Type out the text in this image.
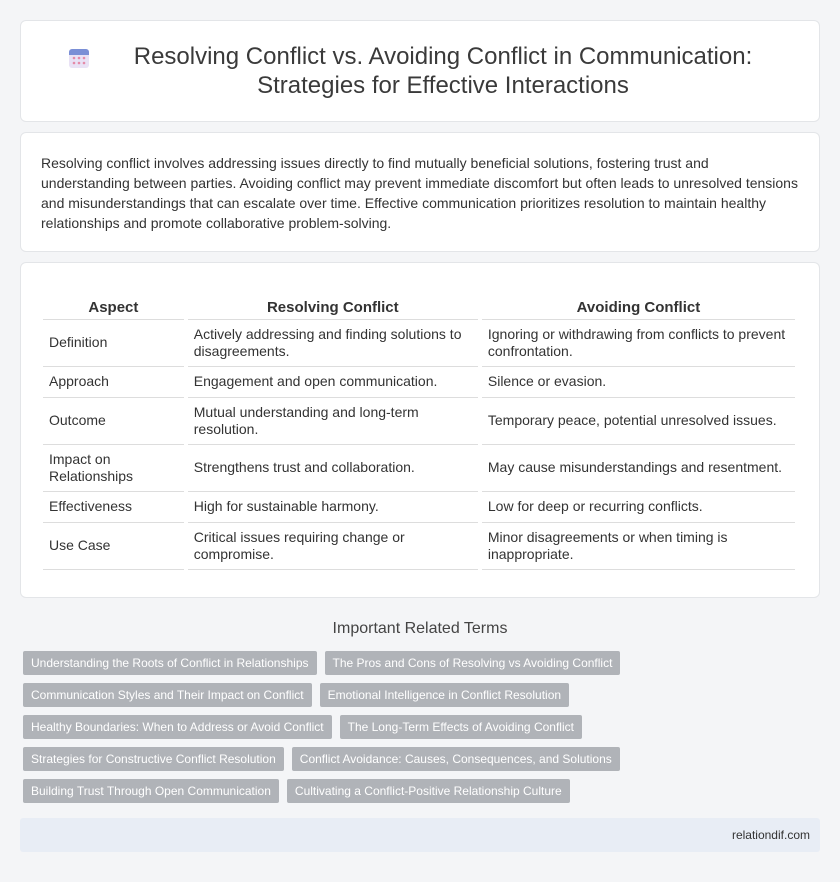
Resolving Conflict vs. Avoiding Conflict in Communication: Strategies for Effective Interactions

Resolving conflict involves addressing issues directly to find mutually beneficial solutions, fostering trust and understanding between parties. Avoiding conflict may prevent immediate discomfort but often leads to unresolved tensions and misunderstandings that can escalate over time. Effective communication prioritizes resolution to maintain healthy relationships and promote collaborative problem-solving.

Aspect	Resolving Conflict	Avoiding Conflict
Definition	Actively addressing and finding solutions to disagreements.	Ignoring or withdrawing from conflicts to prevent confrontation.
Approach	Engagement and open communication.	Silence or evasion.
Outcome	Mutual understanding and long-term resolution.	Temporary peace, potential unresolved issues.
Impact on Relationships	Strengthens trust and collaboration.	May cause misunderstandings and resentment.
Effectiveness	High for sustainable harmony.	Low for deep or recurring conflicts.
Use Case	Critical issues requiring change or compromise.	Minor disagreements or when timing is inappropriate.
Important Related Terms
Understanding the Roots of Conflict in Relationships	The Pros and Cons of Resolving vs Avoiding Conflict
Communication Styles and Their Impact on Conflict	Emotional Intelligence in Conflict Resolution
Healthy Boundaries: When to Address or Avoid Conflict	The Long-Term Effects of Avoiding Conflict
Strategies for Constructive Conflict Resolution	Conflict Avoidance: Causes, Consequences, and Solutions
Building Trust Through Open Communication	Cultivating a Conflict-Positive Relationship Culture
relationdif.com
